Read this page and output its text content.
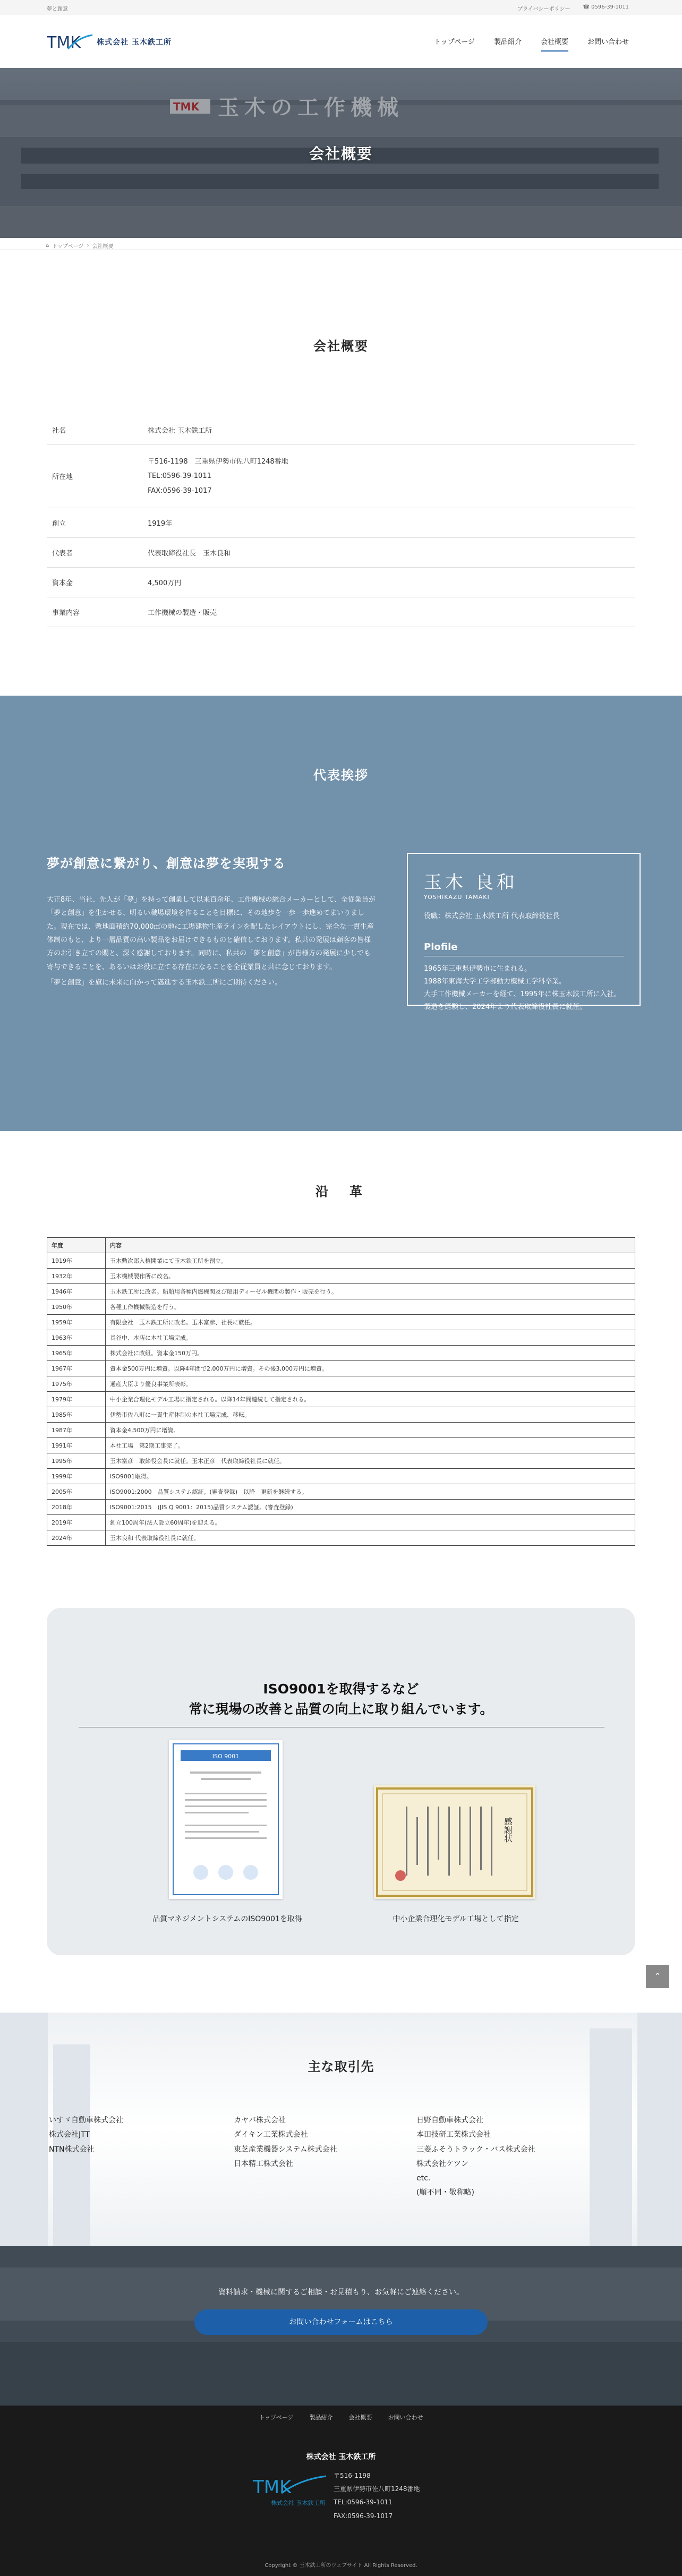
夢と創意	プライバシーポリシー ☎ 0596-39-1011
TMK 株式会社 玉木鉄工所	トップページ	製品紹介	会社概要	お問い合わせ
会社概要
⌂ トップページ › 会社概要
会社概要
社名	株式会社 玉木鉄工所
所在地	〒516-1198　三重県伊勢市佐八町1248番地
TEL:0596-39-1011
FAX:0596-39-1017

創立	1919年
代表者	代表取締役社長　玉木良和
資本金	4,500万円
事業内容	工作機械の製造・販売
代表挨拶
夢が創意に繋がり、創意は夢を実現する

大正8年、当社、先人が「夢」を持って創業して以来百余年、工作機械の総合メーカーとして、全従業員が「夢と創意」を生かせる、明るい職場環境を作ることを目標に、その地歩を一歩一歩進めてまいりました。現在では、敷地面積約70,000㎡の地に工場建物生産ラインを配したレイアウトにし、完全な一貫生産体制のもと、より一層品質の高い製品をお届けできるものと確信しております。私共の発展は顧客の皆様方のお引き立ての賜と、深く感謝しております。同時に、私共の「夢と創意」が皆様方の発展に少しでも寄与できることを、あるいはお役に立てる存在になることを全従業員と共に念じております。

「夢と創意」を旗に未来に向かって邁進する玉木鉄工所にご期待ください。

玉木 良和
YOSHIKAZU TAMAKI
役職：株式会社 玉木鉄工所 代表取締役社長
Plofile
1965年三重県伊勢市に生まれる。
1988年東海大学工学部動力機械工学科卒業。
大手工作機械メーカーを経て、1995年に株玉木鉄工所に入社。製造を経験し、2024年より代表取締役社長に就任。
沿　革
年度	内容
1919年	玉木勲次郎入植開業にて玉木鉄工所を創立。
1932年	玉木機械製作所に改名。
1946年	玉木鉄工所に改名。船舶用各種内燃機関及び船用ディーゼル機関の製作・販売を行う。
1950年	各種工作機械製造を行う。
1959年	有限会社　玉木鉄工所に改名。玉木富彦、社長に就任。
1963年	長谷中、本店に本社工場完成。
1965年	株式会社に改組。資本金150万円。
1967年	資本金500万円に増資。以降4年間で2,000万円に増資。その後3,000万円に増資。
1975年	通産大臣より優良事業所表彰。
1979年	中小企業合理化モデル工場に指定される。以降14年間連続して指定される。
1985年	伊勢市佐八町に一貫生産体制の本社工場完成、移転。
1987年	資本金4,500万円に増資。
1991年	本社工場　第2期工事完了。
1995年	玉木富彦　取締役会長に就任。玉木正彦　代表取締役社長に就任。
1999年	ISO9001取得。
2005年	ISO9001:2000　品質システム認証。(審査登録)　以降　更新を継続する。
2018年	ISO9001:2015　(JIS Q 9001：2015)品質システム認証。(審査登録)
2019年	創立100周年(法人設立60周年)を迎える。
2024年	玉木良和 代表取締役社長に就任。
ISO9001を取得するなど
常に現場の改善と品質の向上に取り組んでいます。
ISO 9001
感謝状
品質マネジメントシステムのISO9001を取得	中小企業合理化モデル工場として指定
⌃
主な取引先
いすゞ自動車株式会社
株式会社JTT
NTN株式会社
カヤバ株式会社
ダイキン工業株式会社
東芝産業機器システム株式会社
日本精工株式会社
日野自動車株式会社
本田技研工業株式会社
三菱ふそうトラック・バス株式会社
株式会社ケツン
etc.
(順不同・敬称略)
資料請求・機械に関するご相談・お見積もり、お気軽にご連絡ください。
お問い合わせフォームはこちら
トップページ	製品紹介	会社概要	お問い合わせ
株式会社 玉木鉄工所
TMK
株式会社 玉木鉄工所
〒516-1198
三重県伊勢市佐八町1248番地
TEL:0596-39-1011
FAX:0596-39-1017
Copyright © 玉木鉄工所のウェブサイト All Rights Reserved.
